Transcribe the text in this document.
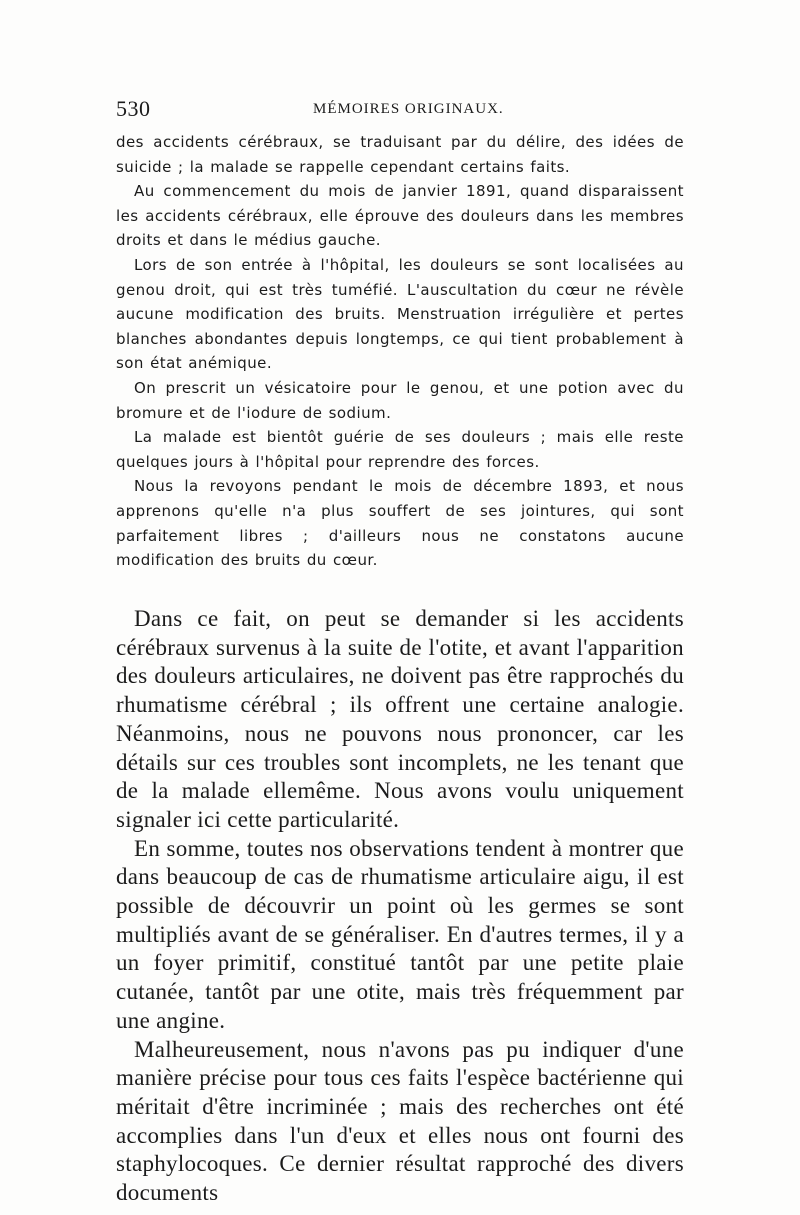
530	MÉMOIRES ORIGINAUX.

des accidents cérébraux, se traduisant par du délire, des idées de suicide ; la malade se rappelle cependant certains faits.

Au commencement du mois de janvier 1891, quand disparaissent les accidents cérébraux, elle éprouve des douleurs dans les membres droits et dans le médius gauche.

Lors de son entrée à l'hôpital, les douleurs se sont localisées au genou droit, qui est très tuméfié. L'auscultation du cœur ne révèle aucune modification des bruits. Menstruation irrégulière et pertes blanches abondantes depuis longtemps, ce qui tient probablement à son état anémique.

On prescrit un vésicatoire pour le genou, et une potion avec du bromure et de l'iodure de sodium.

La malade est bientôt guérie de ses douleurs ; mais elle reste quelques jours à l'hôpital pour reprendre des forces.

Nous la revoyons pendant le mois de décembre 1893, et nous apprenons qu'elle n'a plus souffert de ses jointures, qui sont parfaitement libres ; d'ailleurs nous ne constatons aucune modification des bruits du cœur.

Dans ce fait, on peut se demander si les accidents cérébraux survenus à la suite de l'otite, et avant l'apparition des douleurs articulaires, ne doivent pas être rapprochés du rhumatisme cérébral ; ils offrent une certaine analogie. Néanmoins, nous ne pouvons nous prononcer, car les détails sur ces troubles sont incomplets, ne les tenant que de la malade ellemême. Nous avons voulu uniquement signaler ici cette particularité.

En somme, toutes nos observations tendent à montrer que dans beaucoup de cas de rhumatisme articulaire aigu, il est possible de découvrir un point où les germes se sont multipliés avant de se généraliser. En d'autres termes, il y a un foyer primitif, constitué tantôt par une petite plaie cutanée, tantôt par une otite, mais très fréquemment par une angine.

Malheureusement, nous n'avons pas pu indiquer d'une manière précise pour tous ces faits l'espèce bactérienne qui méritait d'être incriminée ; mais des recherches ont été accomplies dans l'un d'eux et elles nous ont fourni des staphylocoques. Ce dernier résultat rapproché des divers documents
